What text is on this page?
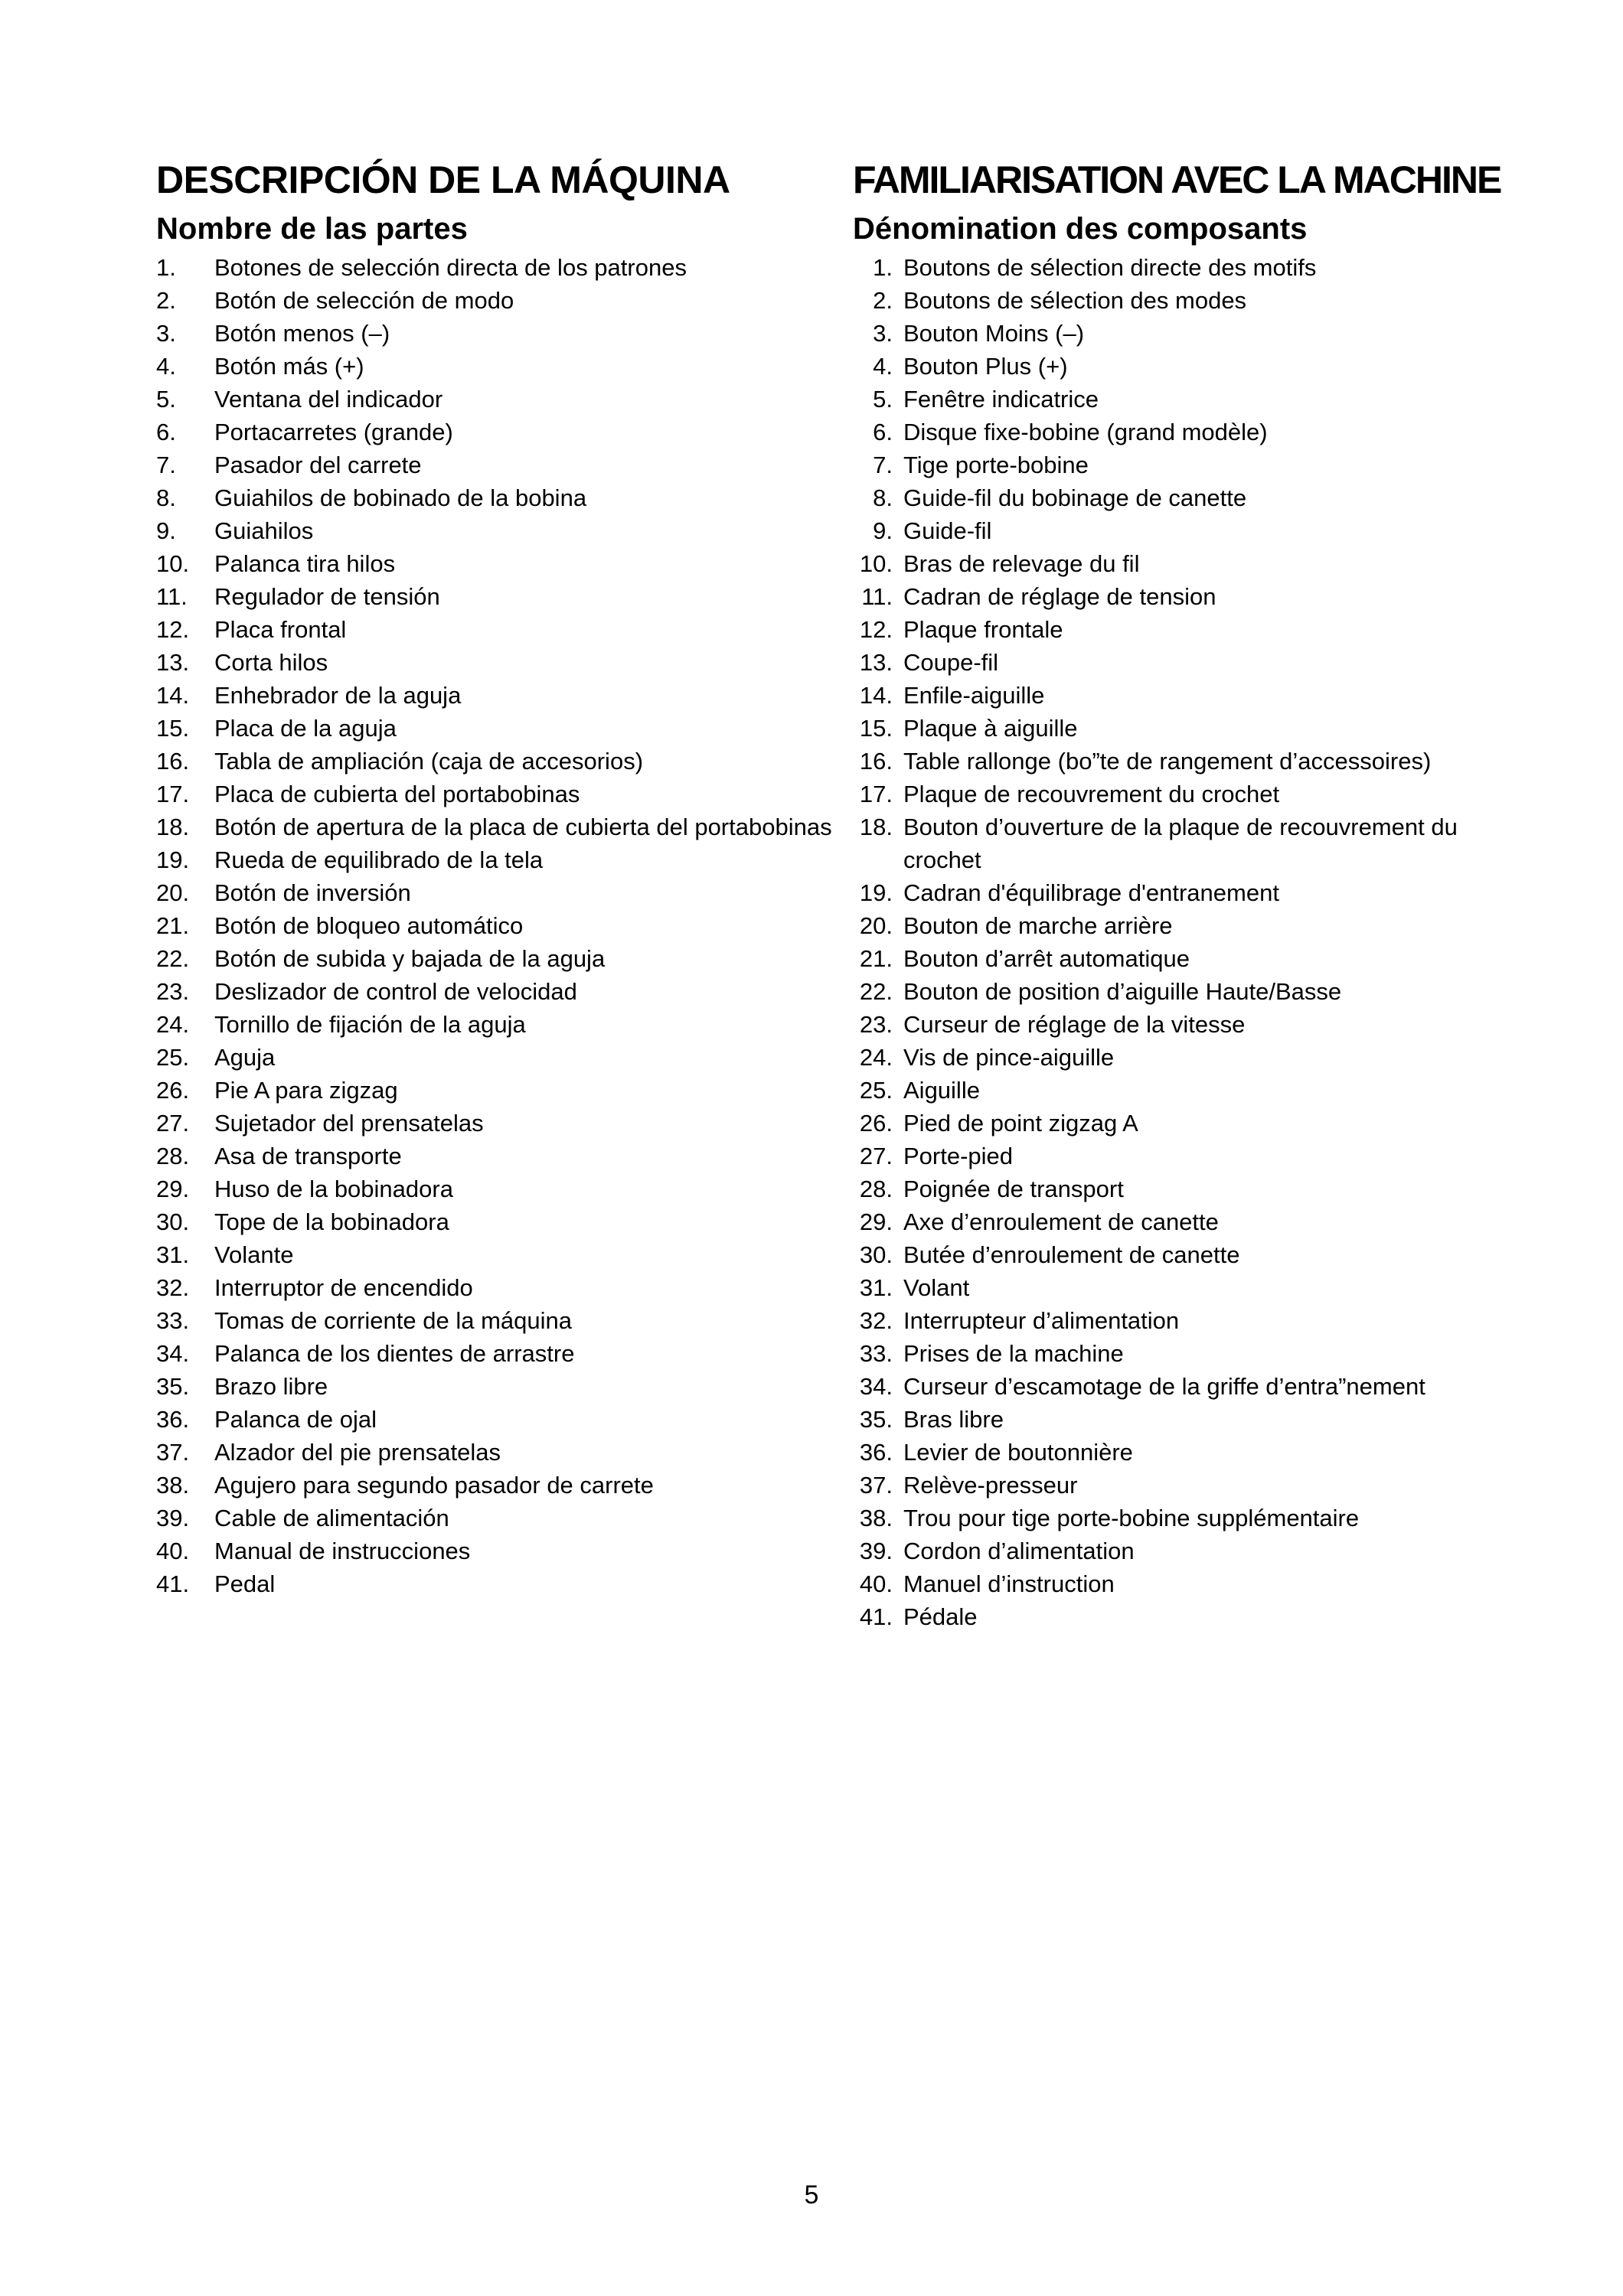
DESCRIPCIÓN DE LA MÁQUINA
Nombre de las partes
1.	Botones de selección directa de los patrones
2.	Botón de selección de modo
3.	Botón menos (–)
4.	Botón más (+)
5.	Ventana del indicador
6.	Portacarretes (grande)
7.	Pasador del carrete
8.	Guiahilos de bobinado de la bobina
9.	Guiahilos
10.	Palanca tira hilos
11.	Regulador de tensión
12.	Placa frontal
13.	Corta hilos
14.	Enhebrador de la aguja
15.	Placa de la aguja
16.	Tabla de ampliación (caja de accesorios)
17.	Placa de cubierta del portabobinas
18.	Botón de apertura de la placa de cubierta del portabobinas
19.	Rueda de equilibrado de la tela
20.	Botón de inversión
21.	Botón de bloqueo automático
22.	Botón de subida y bajada de la aguja
23.	Deslizador de control de velocidad
24.	Tornillo de fijación de la aguja
25.	Aguja
26.	Pie A para zigzag
27.	Sujetador del prensatelas
28.	Asa de transporte
29.	Huso de la bobinadora
30.	Tope de la bobinadora
31.	Volante
32.	Interruptor de encendido
33.	Tomas de corriente de la máquina
34.	Palanca de los dientes de arrastre
35.	Brazo libre
36.	Palanca de ojal
37.	Alzador del pie prensatelas
38.	Agujero para segundo pasador de carrete
39.	Cable de alimentación
40.	Manual de instrucciones
41.	Pedal
FAMILIARISATION AVEC LA MACHINE
Dénomination des composants
1. Boutons de sélection directe des motifs
2. Boutons de sélection des modes
3. Bouton Moins (–)
4. Bouton Plus (+)
5. Fenêtre indicatrice
6. Disque fixe-bobine (grand modèle)
7. Tige porte-bobine
8. Guide-fil du bobinage de canette
9. Guide-fil
10. Bras de relevage du fil
11. Cadran de réglage de tension
12. Plaque frontale
13. Coupe-fil
14. Enfile-aiguille
15. Plaque à aiguille
16. Table rallonge (bo”te de rangement d’accessoires)
17. Plaque de recouvrement du crochet
18. Bouton d’ouverture de la plaque de recouvrement du crochet
19. Cadran d'équilibrage d'entranement
20. Bouton de marche arrière
21. Bouton d’arrêt automatique
22. Bouton de position d’aiguille Haute/Basse
23. Curseur de réglage de la vitesse
24. Vis de pince-aiguille
25. Aiguille
26. Pied de point zigzag A
27. Porte-pied
28. Poignée de transport
29. Axe d’enroulement de canette
30. Butée d’enroulement de canette
31. Volant
32. Interrupteur d’alimentation
33. Prises de la machine
34. Curseur d’escamotage de la griffe d’entra”nement
35. Bras libre
36. Levier de boutonnière
37. Relève-presseur
38. Trou pour tige porte-bobine supplémentaire
39. Cordon d’alimentation
40. Manuel d’instruction
41. Pédale
5
